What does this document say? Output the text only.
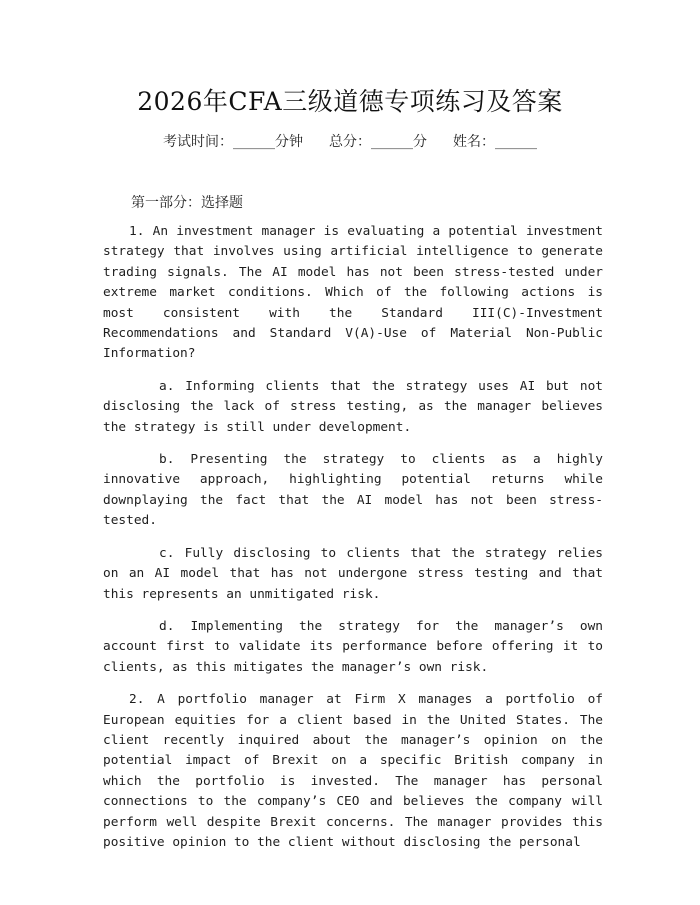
2026年CFA三级道德专项练习及答案
考试时间：______分钟 总分：______分 姓名：______
第一部分：选择题

1. An investment manager is evaluating a potential investment strategy that involves using artificial intelligence to generate trading signals. The AI model has not been stress-tested under extreme market conditions. Which of the following actions is most consistent with the Standard III(C)-Investment Recommendations and Standard V(A)-Use of Material Non-Public Information?

a. Informing clients that the strategy uses AI but not disclosing the lack of stress testing, as the manager believes the strategy is still under development.

b. Presenting the strategy to clients as a highly innovative approach, highlighting potential returns while downplaying the fact that the AI model has not been stress-tested.

c. Fully disclosing to clients that the strategy relies on an AI model that has not undergone stress testing and that this represents an unmitigated risk.

d. Implementing the strategy for the manager’s own account first to validate its performance before offering it to clients, as this mitigates the manager’s own risk.

2. A portfolio manager at Firm X manages a portfolio of European equities for a client based in the United States. The client recently inquired about the manager’s opinion on the potential impact of Brexit on a specific British company in which the portfolio is invested. The manager has personal connections to the company’s CEO and believes the company will perform well despite Brexit concerns. The manager provides this positive opinion to the client without disclosing the personal
